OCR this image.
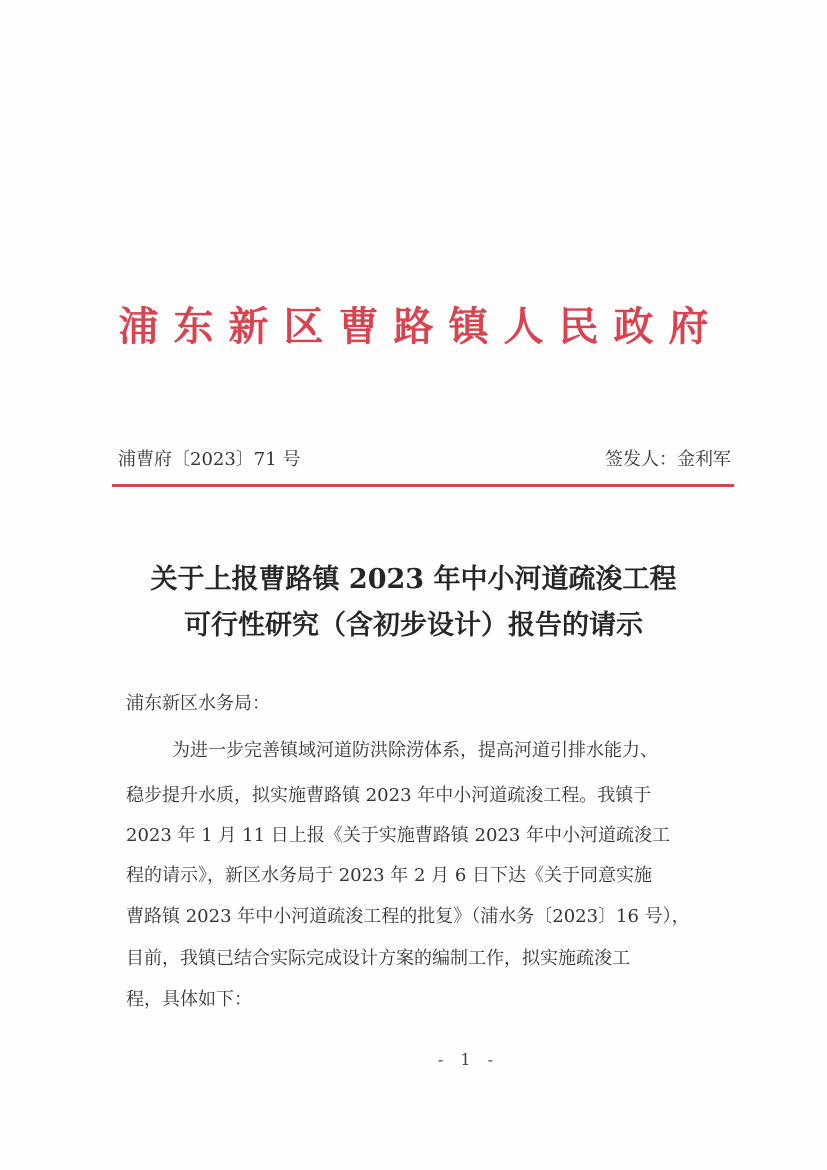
浦东新区曹路镇人民政府
浦曹府〔2023〕71 号	签发人：金利军
关于上报曹路镇 2023 年中小河道疏浚工程
可行性研究（含初步设计）报告的请示
浦东新区水务局：
为进一步完善镇域河道防洪除涝体系，提高河道引排水能力、
稳步提升水质，拟实施曹路镇 2023 年中小河道疏浚工程。我镇于
2023 年 1 月 11 日上报《关于实施曹路镇 2023 年中小河道疏浚工
程的请示》，新区水务局于 2023 年 2 月 6 日下达《关于同意实施
曹路镇 2023 年中小河道疏浚工程的批复》（浦水务〔2023〕16 号），
目前，我镇已结合实际完成设计方案的编制工作，拟实施疏浚工
程，具体如下：
- 1 -
